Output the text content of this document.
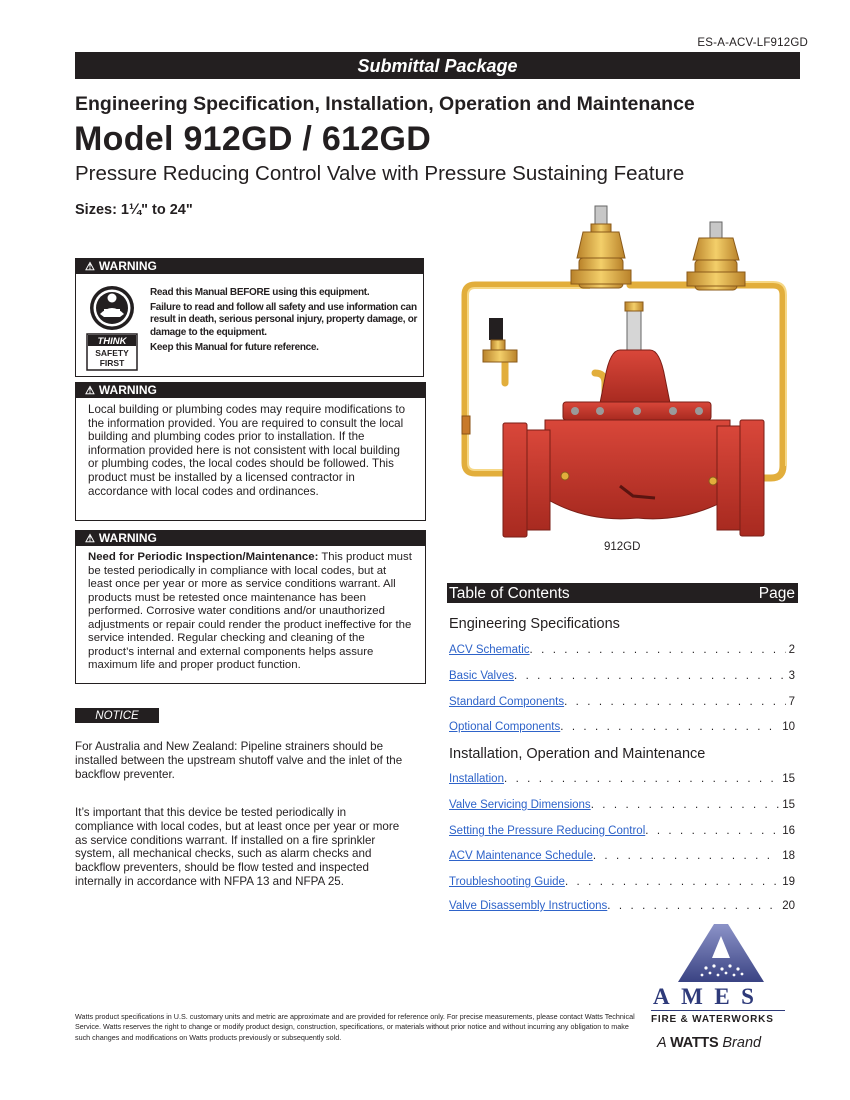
ES-A-ACV-LF912GD
Submittal Package
Engineering Specification, Installation, Operation and Maintenance
Model 912GD / 612GD
Pressure Reducing Control Valve with Pressure Sustaining Feature
Sizes: 1¼" to 24"
⚠ WARNING
THINK
SAFETY
FIRST
Read this Manual BEFORE using this equipment.
Failure to read and follow all safety and use information can result in death, serious personal injury, property damage, or damage to the equipment.
Keep this Manual for future reference.
⚠ WARNING
Local building or plumbing codes may require modifications to the information provided. You are required to consult the local building and plumbing codes prior to installation. If the information provided here is not consistent with local building or plumbing codes, the local codes should be followed. This product must be installed by a licensed contractor in accordance with local codes and ordinances.
⚠ WARNING
Need for Periodic Inspection/Maintenance: This product must be tested periodically in compliance with local codes, but at least once per year or more as service conditions warrant. All products must be retested once maintenance has been performed. Corrosive water conditions and/or unauthorized adjustments or repair could render the product ineffective for the service intended. Regular checking and cleaning of the product’s internal and external components helps assure maximum life and proper product function.
NOTICE
For Australia and New Zealand: Pipeline strainers should be installed between the upstream shutoff valve and the inlet of the backflow preventer.
It’s important that this device be tested periodically in compliance with local codes, but at least once per year or more as service conditions warrant. If installed on a fire sprinkler system, all mechanical checks, such as alarm checks and backflow preventers, should be flow tested and inspected internally in accordance with NFPA 13 and NFPA 25.
Watts product specifications in U.S. customary units and metric are approximate and are provided for reference only. For precise measurements, please contact Watts Technical Service. Watts reserves the right to change or modify product design, construction, specifications, or materials without prior notice and without incurring any obligation to make such changes and modifications on Watts products previously or subsequently sold.
912GD
Table of Contents	Page
Engineering Specifications
ACV Schematic . . .	2
Basic Valves . . .	3
Standard Components . . .	7
Optional Components . . .	10
Installation, Operation and Maintenance
Installation . . .	15
Valve Servicing Dimensions . . .	15
Setting the Pressure Reducing Control . . .	16
ACV Maintenance Schedule . . .	18
Troubleshooting Guide . . .	19
Valve Disassembly Instructions . . .	20
AMES
FIRE & WATERWORKS
A WATTS Brand
